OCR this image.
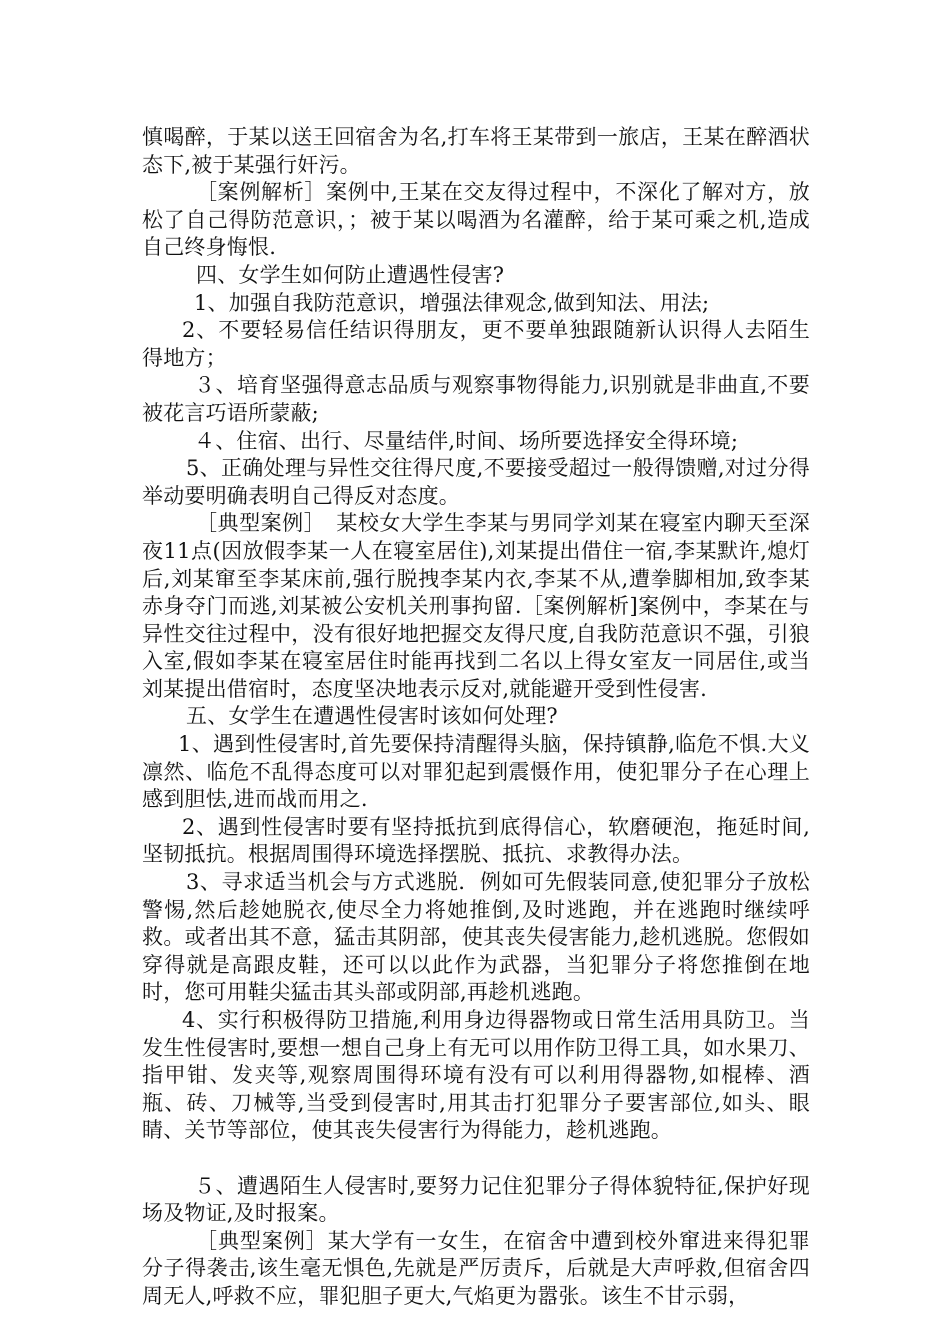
慎喝醉，于某以送王回宿舍为名,打车将王某带到一旅店，王某在醉酒状态下,被于某强行奸污。

［案例解析］案例中,王某在交友得过程中，不深化了解对方，放松了自己得防范意识，；被于某以喝酒为名灌醉，给于某可乘之机,造成自己终身悔恨.

四、女学生如何防止遭遇性侵害?

1、加强自我防范意识，增强法律观念,做到知法、用法;

2、不要轻易信任结识得朋友，更不要单独跟随新认识得人去陌生得地方；

３、培育坚强得意志品质与观察事物得能力,识别就是非曲直,不要被花言巧语所蒙蔽;

４、住宿、出行、尽量结伴,时间、场所要选择安全得环境;

5、正确处理与异性交往得尺度,不要接受超过一般得馈赠,对过分得举动要明确表明自己得反对态度。

［典型案例］　某校女大学生李某与男同学刘某在寝室内聊天至深夜11点(因放假李某一人在寝室居住),刘某提出借住一宿,李某默许,熄灯后,刘某窜至李某床前,强行脱拽李某内衣,李某不从,遭拳脚相加,致李某赤身夺门而逃,刘某被公安机关刑事拘留.［案例解析]案例中，李某在与异性交往过程中，没有很好地把握交友得尺度,自我防范意识不强，引狼入室,假如李某在寝室居住时能再找到二名以上得女室友一同居住,或当刘某提出借宿时，态度坚决地表示反对,就能避开受到性侵害.

五、女学生在遭遇性侵害时该如何处理?

1、遇到性侵害时,首先要保持清醒得头脑，保持镇静,临危不惧.大义凛然、临危不乱得态度可以对罪犯起到震慑作用，使犯罪分子在心理上感到胆怯,进而战而用之.

2、遇到性侵害时要有坚持抵抗到底得信心，软磨硬泡，拖延时间,坚韧抵抗。根据周围得环境选择摆脱、抵抗、求教得办法。

3、寻求适当机会与方式逃脱．例如可先假装同意,使犯罪分子放松警惕,然后趁她脱衣,使尽全力将她推倒,及时逃跑，并在逃跑时继续呼救。或者出其不意，猛击其阴部，使其丧失侵害能力,趁机逃脱。您假如穿得就是高跟皮鞋，还可以以此作为武器，当犯罪分子将您推倒在地时，您可用鞋尖猛击其头部或阴部,再趁机逃跑。

4、实行积极得防卫措施,利用身边得器物或日常生活用具防卫。当发生性侵害时,要想一想自己身上有无可以用作防卫得工具，如水果刀、指甲钳、发夹等,观察周围得环境有没有可以利用得器物,如棍棒、酒瓶、砖、刀械等,当受到侵害时,用其击打犯罪分子要害部位,如头、眼睛、关节等部位，使其丧失侵害行为得能力，趁机逃跑。

５、遭遇陌生人侵害时,要努力记住犯罪分子得体貌特征,保护好现场及物证,及时报案。

［典型案例］某大学有一女生，在宿舍中遭到校外窜进来得犯罪分子得袭击,该生毫无惧色,先就是严厉责斥，后就是大声呼救,但宿舍四周无人,呼救不应，罪犯胆子更大,气焰更为嚣张。该生不甘示弱，
